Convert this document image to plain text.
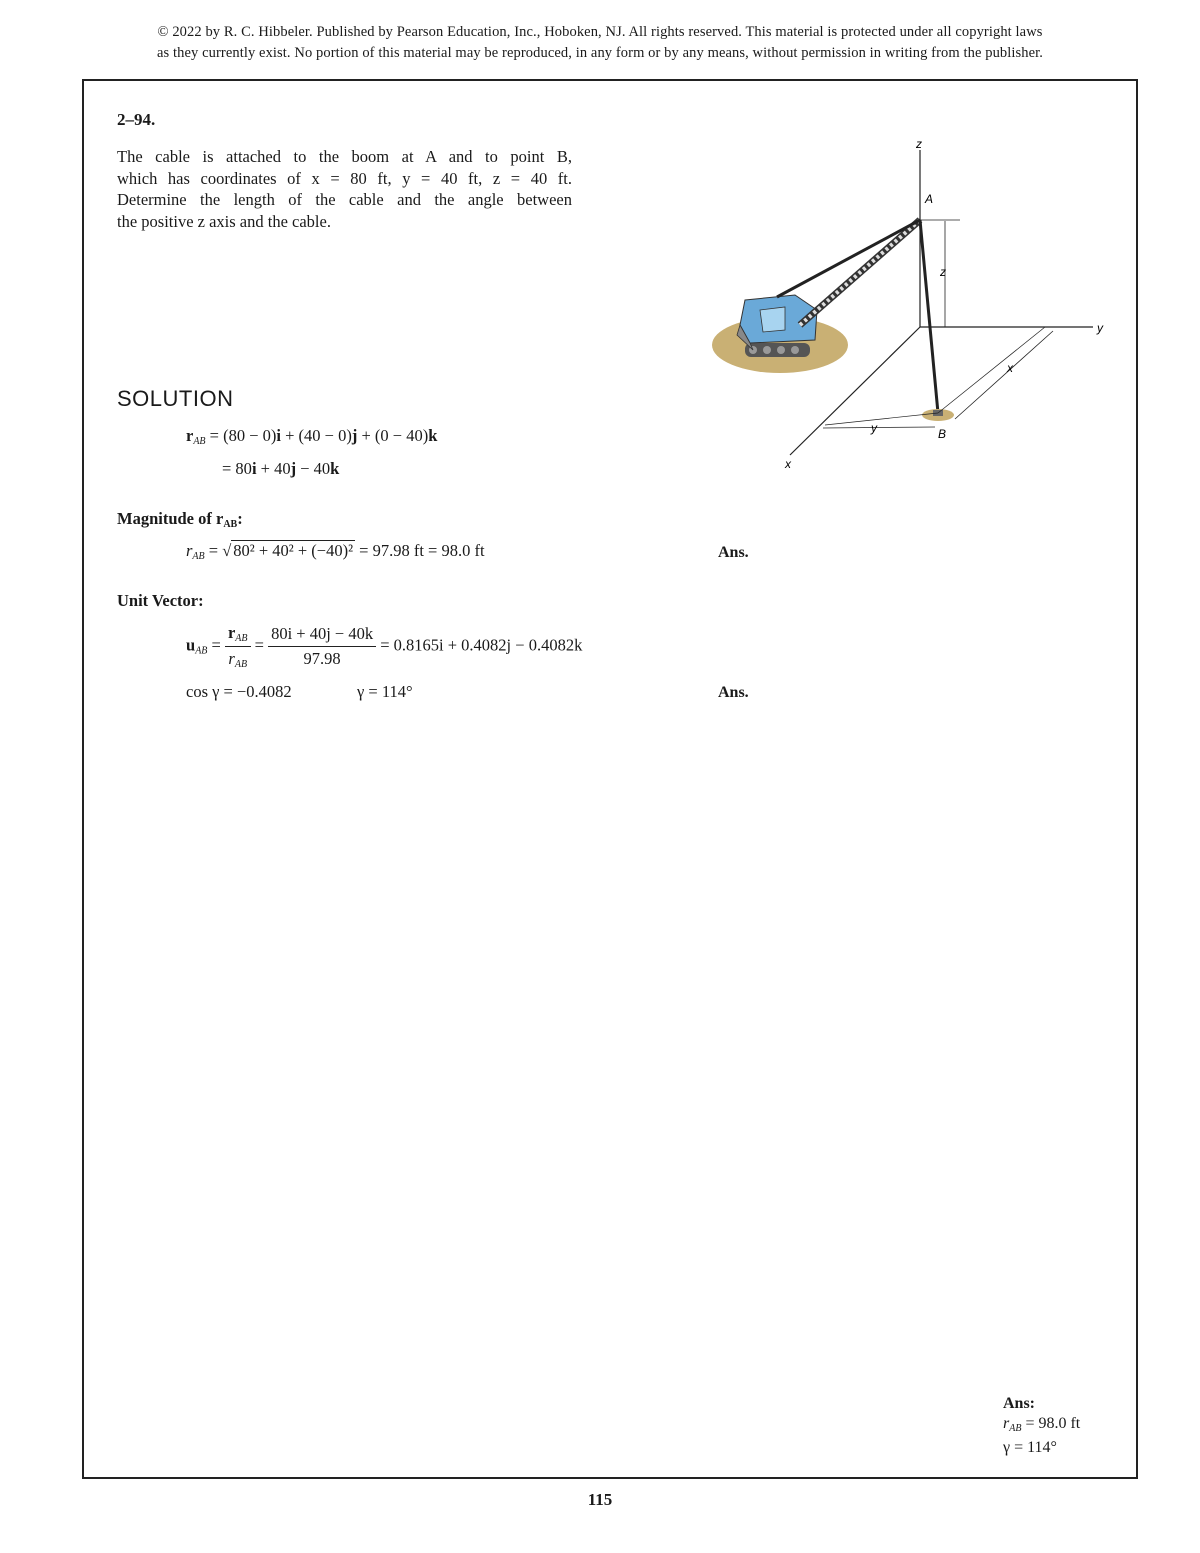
© 2022 by R. C. Hibbeler. Published by Pearson Education, Inc., Hoboken, NJ. All rights reserved. This material is protected under all copyright laws
as they currently exist. No portion of this material may be reproduced, in any form or by any means, without permission in writing from the publisher.
2–94.
The cable is attached to the boom at A and to point B,
which has coordinates of x = 80 ft, y = 40 ft, z = 40 ft.
Determine the length of the cable and the angle between
the positive z axis and the cable.
z
y
x
A
B
z
x
y
SOLUTION
$r_{AB} = (80 - 0)i + (40 - 0)j + (0 - 40)k$
= 80i + 40j − 40k
Magnitude of $r_{AB}$:
$r_{AB}$ = √ 80² + 40² + (−40)² = 97.98 ft = 98.0 ft	Ans.
Unit Vector:
$u_{AB} = \frac{r_{AB}}{r_{AB}} = \frac{80i + 40j - 40k}{97.98} = 0.8165i + 0.4082j - 0.4082k$
cos γ = −0.4082	γ = 114°	Ans.
Ans:
$r_{AB} = 98.0$ ft
γ = 114°
115
